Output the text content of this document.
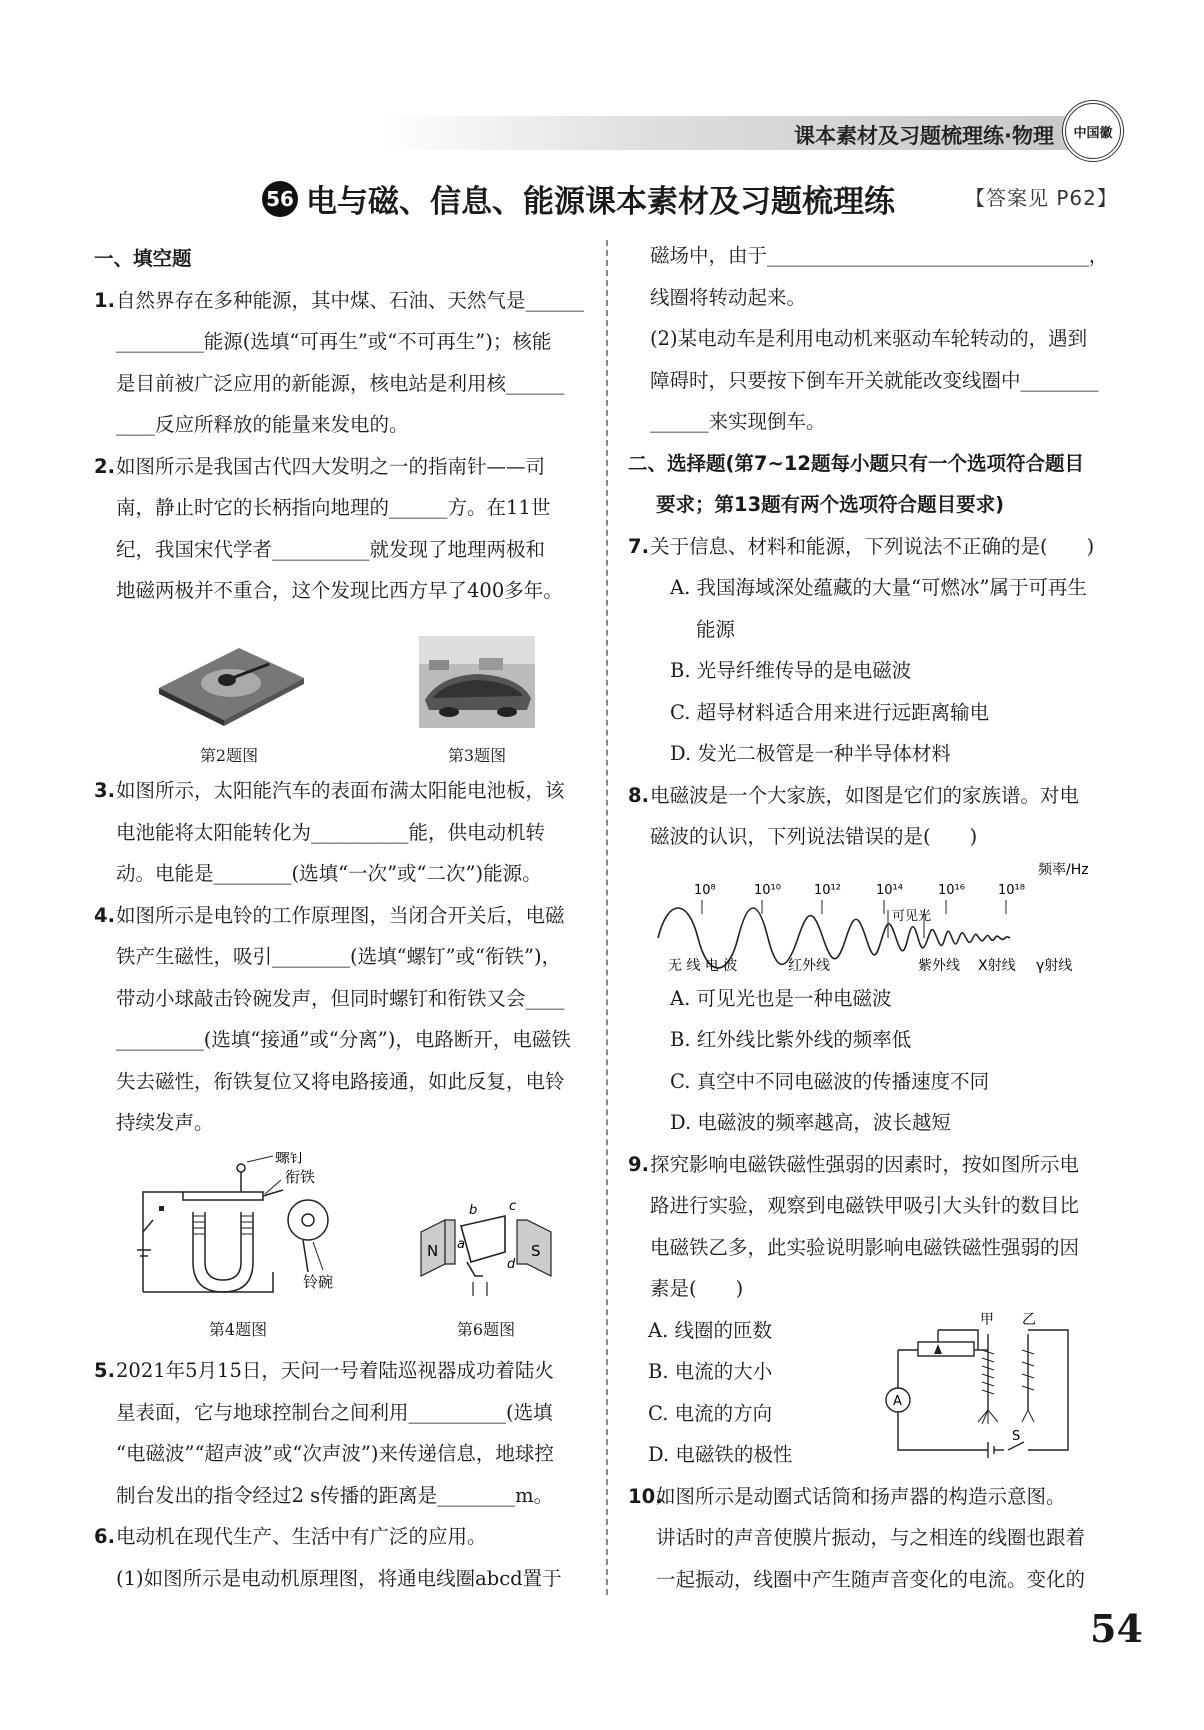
课本素材及习题梳理练·物理 中国徽
56 电与磁、信息、能源课本素材及习题梳理练	【答案见 P62】
一、填空题
1. 自然界存在多种能源，其中煤、石油、天然气是______
_________能源(选填“可再生”或“不可再生”)；核能
是目前被广泛应用的新能源，核电站是利用核______
____反应所释放的能量来发电的。
2. 如图所示是我国古代四大发明之一的指南针——司
南，静止时它的长柄指向地理的______方。在11世
纪，我国宋代学者__________就发现了地理两极和
地磁两极并不重合，这个发现比西方早了400多年。
第2题图	第3题图
3. 如图所示，太阳能汽车的表面布满太阳能电池板，该
电池能将太阳能转化为__________能，供电动机转
动。电能是________(选填“一次”或“二次”)能源。
4. 如图所示是电铃的工作原理图，当闭合开关后，电磁
铁产生磁性，吸引________(选填“螺钉”或“衔铁”)，
带动小球敲击铃碗发声，但同时螺钉和衔铁又会____
_________(选填“接通”或“分离”)，电路断开，电磁铁
失去磁性，衔铁复位又将电路接通，如此反复，电铃
持续发声。
螺钉
衔铁
铃碗
第4题图
N	S
a
b c
d
第6题图
5. 2021年5月15日，天问一号着陆巡视器成功着陆火
星表面，它与地球控制台之间利用__________(选填
“电磁波”“超声波”或“次声波”)来传递信息，地球控
制台发出的指令经过2 s传播的距离是________m。
6. 电动机在现代生产、生活中有广泛的应用。
(1)如图所示是电动机原理图，将通电线圈abcd置于
磁场中，由于_________________________________，
线圈将转动起来。
(2)某电动车是利用电动机来驱动车轮转动的，遇到
障碍时，只要按下倒车开关就能改变线圈中________
______来实现倒车。
二、选择题(第7~12题每小题只有一个选项符合题目
要求；第13题有两个选项符合题目要求)
7. 关于信息、材料和能源，下列说法不正确的是(　　)
A. 我国海域深处蕴藏的大量“可燃冰”属于可再生
能源
B. 光导纤维传导的是电磁波
C. 超导材料适合用来进行远距离输电
D. 发光二极管是一种半导体材料
8. 电磁波是一个大家族，如图是它们的家族谱。对电
磁波的认识，下列说法错误的是(　　)
频率/Hz
10⁸	10¹⁰	10¹²	10¹⁴	10¹⁶	10¹⁸
可见光
无 线 电 波	红外线	紫外线 X射线 γ射线
A. 可见光也是一种电磁波
B. 红外线比紫外线的频率低
C. 真空中不同电磁波的传播速度不同
D. 电磁波的频率越高，波长越短
9. 探究影响电磁铁磁性强弱的因素时，按如图所示电
路进行实验，观察到电磁铁甲吸引大头针的数目比
电磁铁乙多，此实验说明影响电磁铁磁性强弱的因
素是(　　)
A. 线圈的匝数
B. 电流的大小
C. 电流的方向
D. 电磁铁的极性
甲 乙
A
S
10.
如图所示是动圈式话筒和扬声器的构造示意图。
讲话时的声音使膜片振动，与之相连的线圈也跟着
一起振动，线圈中产生随声音变化的电流。变化的
54
